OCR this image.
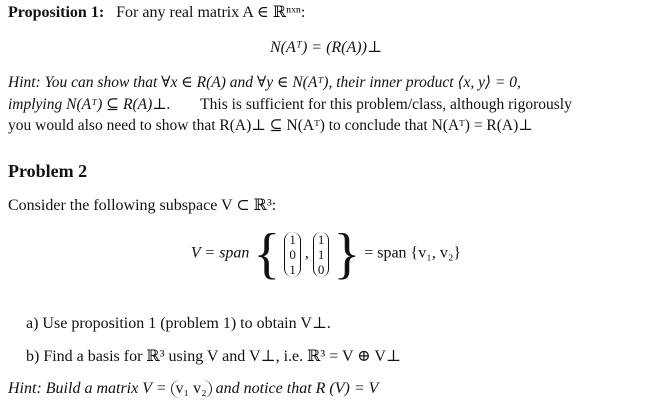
Proposition 1: For any real matrix A ∈ ℝⁿˣⁿ:
N(Aᵀ) = (R(A))⊥
Hint: You can show that ∀x ∈ R(A) and ∀y ∈ N(Aᵀ), their inner product ⟨x, y⟩ = 0,
implying N(Aᵀ) ⊆ R(A)⊥. This is sufficient for this problem/class, although rigorously
you would also need to show that R(A)⊥ ⊆ N(Aᵀ) to conclude that N(Aᵀ) = R(A)⊥
Problem 2
Consider the following subspace V ⊂ ℝ³:
V = span { 1
0
1
,
1
1
0 } = span {v₁, v₂}
a) Use proposition 1 (problem 1) to obtain V⊥.
b) Find a basis for ℝ³ using V and V⊥, i.e. ℝ³ = V ⊕ V⊥
Hint: Build a matrix V = v₁ v₂ and notice that R (V) = V
